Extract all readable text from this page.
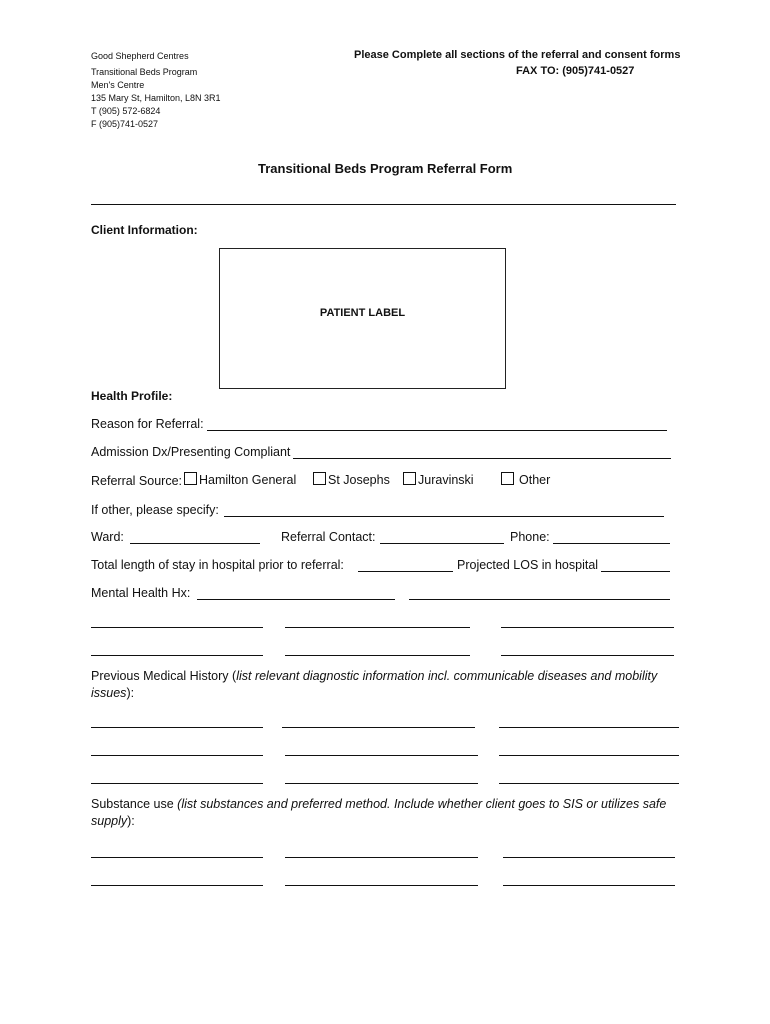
Good Shepherd Centres
Transitional Beds Program
Men's Centre
135 Mary St, Hamilton, L8N 3R1
T (905) 572-6824
F (905)741-0527
Please Complete all sections of the referral and consent forms
FAX TO: (905)741-0527
Transitional Beds Program Referral Form
Client Information:
PATIENT LABEL
Health Profile:
Reason for Referral:
Admission Dx/Presenting Compliant
Referral Source:	Hamilton General	St Josephs	Juravinski	Other
If other, please specify:
Ward:	Referral Contact:	Phone:
Total length of stay in hospital prior to referral:	Projected LOS in hospital
Mental Health Hx:
Previous Medical History (list relevant diagnostic information incl. communicable diseases and mobility
issues):
Substance use (list substances and preferred method. Include whether client goes to SIS or utilizes safe
supply):
